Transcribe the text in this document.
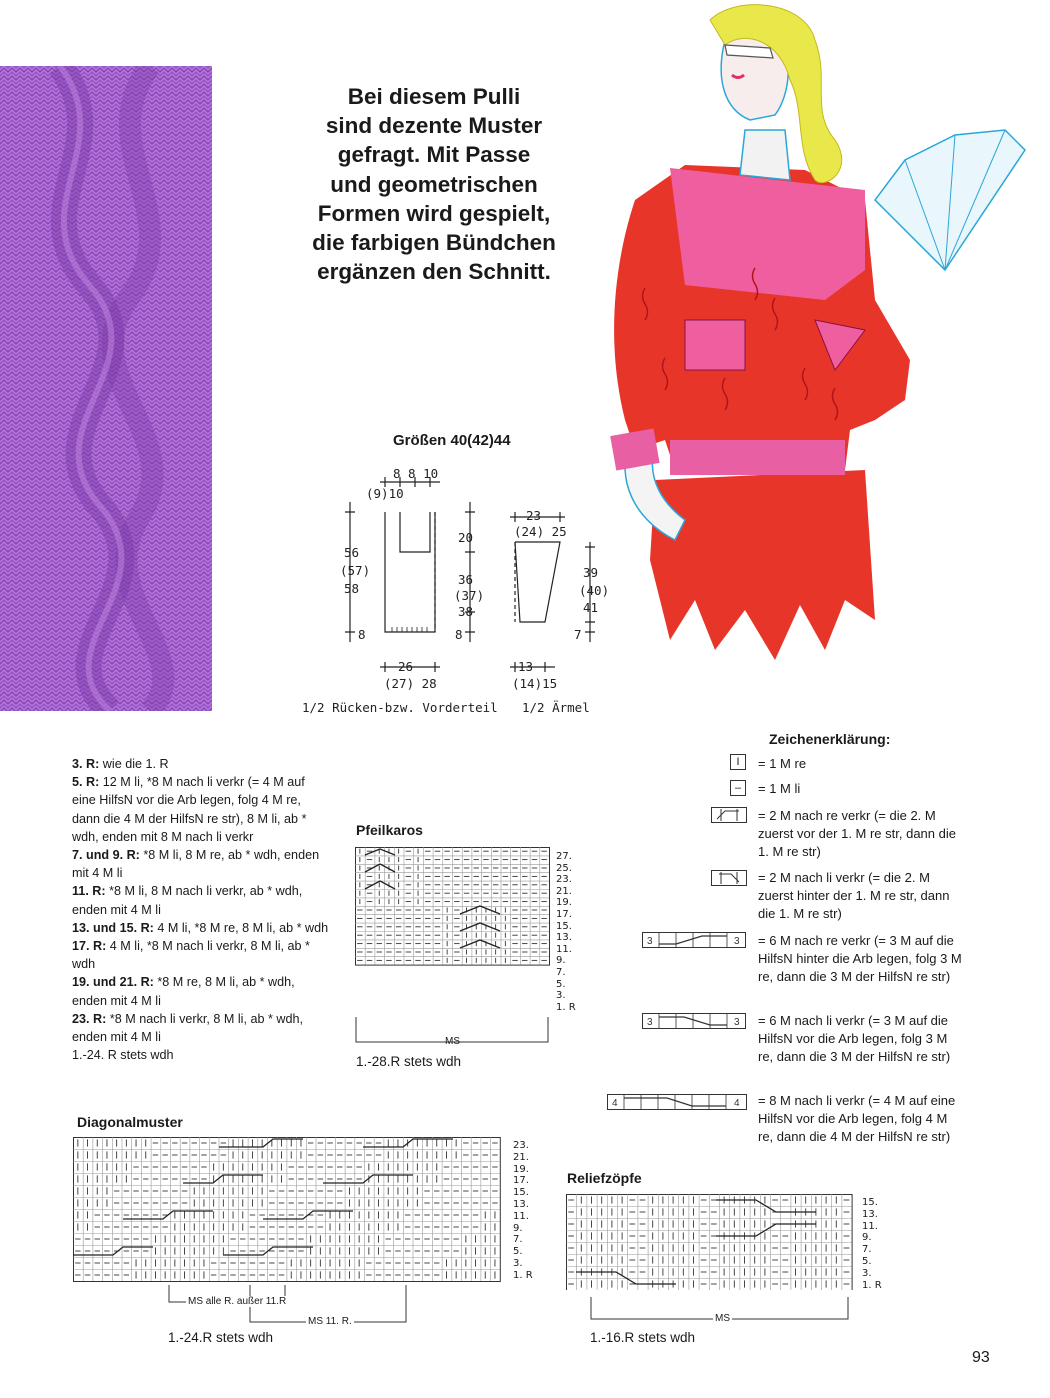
Bei diesem Pulli
sind dezente Muster
gefragt. Mit Passe
und geometrischen
Formen wird gespielt,
die farbigen Bündchen
ergänzen den Schnitt.
Größen 40(42)44
8 8 10
(9)10
56
(57)
58
20
36
(37)
38
8	8
26
(27) 28
1/2 Rücken-bzw. Vorderteil
23
(24) 25
39
(40)
41
7
13
(14)15
1/2 Ärmel

3. R: wie die 1. R

5. R: 12 M li, *8 M nach li verkr (= 4 M auf eine HilfsN vor die Arb legen, folg 4 M re, dann die 4 M der HilfsN re str), 8 M li, ab * wdh, enden mit 8 M nach li verkr

7. und 9. R: *8 M li, 8 M re, ab * wdh, enden mit 4 M li

11. R: *8 M li, 8 M nach li verkr, ab * wdh, enden mit 4 M li

13. und 15. R: 4 M li, *8 M re, 8 M li, ab * wdh

17. R: 4 M li, *8 M nach li verkr, 8 M li, ab * wdh

19. und 21. R: *8 M re, 8 M li, ab * wdh, enden mit 4 M li

23. R: *8 M nach li verkr, 8 M li, ab * wdh, enden mit 4 M li

1.-24. R stets wdh

Pfeilkaros
27.
25.
23.
21.
19.
17.
15.
13.
11.
9.
7.
5.
3.
1. R
MS
1.-28.R stets wdh
Zeichenerklärung:
I	= 1 M re
–	= 1 M li
= 2 M nach re verkr (= die 2. M zuerst vor der 1. M re str, dann die 1. M re str)
= 2 M nach li verkr (= die 2. M zuerst hinter der 1. M re str, dann die 1. M re str)
3	3 = 6 M nach re verkr (= 3 M auf die HilfsN hinter die Arb legen, folg 3 M re, dann die 3 M der HilfsN re str)
3	3 = 6 M nach li verkr (= 3 M auf die HilfsN vor die Arb legen, folg 3 M re, dann die 3 M der HilfsN re str)
4	4 = 8 M nach li verkr (= 4 M auf eine HilfsN vor die Arb legen, folg 4 M re, dann die 4 M der HilfsN re str)
Diagonalmuster
23.
21.
19.
17.
15.
13.
11.
9.
7.
5.
3.
1. R
MS alle R. außer 11.R
MS 11. R.
1.-24.R stets wdh
Reliefzöpfe
15.
13.
11.
9.
7.
5.
3.
1. R
MS
1.-16.R stets wdh
93
